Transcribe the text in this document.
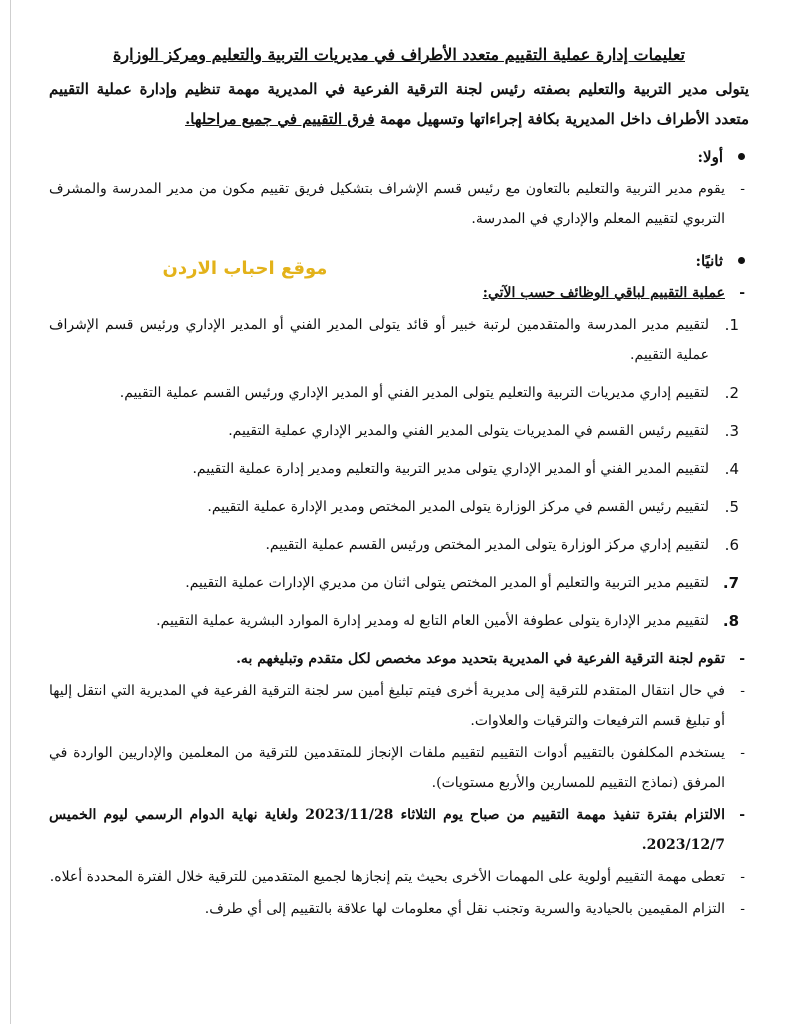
موقع احباب الاردن

تعليمات إدارة عملية التقييم متعدد الأطراف في مديريات التربية والتعليم ومركز الوزارة

يتولى مدير التربية والتعليم بصفته رئيس لجنة الترقية الفرعية في المديرية مهمة تنظيم وإدارة عملية التقييم متعدد الأطراف داخل المديرية بكافة إجراءاتها وتسهيل مهمة فرق التقييم في جميع مراحلها.

أولا:
-
يقوم مدير التربية والتعليم بالتعاون مع رئيس قسم الإشراف بتشكيل فريق تقييم مكون من مدير المدرسة والمشرف التربوي لتقييم المعلم والإداري في المدرسة.
ثانيًا:
-
عملية التقييم لباقي الوظائف حسب الآتي:
1.
لتقييم مدير المدرسة والمتقدمين لرتبة خبير أو قائد يتولى المدير الفني أو المدير الإداري ورئيس قسم الإشراف عملية التقييم.
2.
لتقييم إداري مديريات التربية والتعليم يتولى المدير الفني أو المدير الإداري ورئيس القسم عملية التقييم.
3.
لتقييم رئيس القسم في المديريات يتولى المدير الفني والمدير الإداري عملية التقييم.
4.
لتقييم المدير الفني أو المدير الإداري يتولى مدير التربية والتعليم ومدير إدارة عملية التقييم.
5.
لتقييم رئيس القسم في مركز الوزارة يتولى المدير المختص ومدير الإدارة عملية التقييم.
6.
لتقييم إداري مركز الوزارة يتولى المدير المختص ورئيس القسم عملية التقييم.
7.
لتقييم مدير التربية والتعليم أو المدير المختص يتولى اثنان من مديري الإدارات عملية التقييم.
8.
لتقييم مدير الإدارة يتولى عطوفة الأمين العام التابع له ومدير إدارة الموارد البشرية عملية التقييم.
-
تقوم لجنة الترقية الفرعية في المديرية بتحديد موعد مخصص لكل متقدم وتبليغهم به.
-
في حال انتقال المتقدم للترقية إلى مديرية أخرى فيتم تبليغ أمين سر لجنة الترقية الفرعية في المديرية التي انتقل إليها أو تبليغ قسم الترفيعات والترقيات والعلاوات.
-
يستخدم المكلفون بالتقييم أدوات التقييم لتقييم ملفات الإنجاز للمتقدمين للترقية من المعلمين والإداريين الواردة في المرفق (نماذج التقييم للمسارين والأربع مستويات).
-
الالتزام بفترة تنفيذ مهمة التقييم من صباح يوم الثلاثاء 2023/11/28 ولغاية نهاية الدوام الرسمي ليوم الخميس 2023/12/7.
-
تعطى مهمة التقييم أولوية على المهمات الأخرى بحيث يتم إنجازها لجميع المتقدمين للترقية خلال الفترة المحددة أعلاه.
-
التزام المقيمين بالحيادية والسرية وتجنب نقل أي معلومات لها علاقة بالتقييم إلى أي طرف.
